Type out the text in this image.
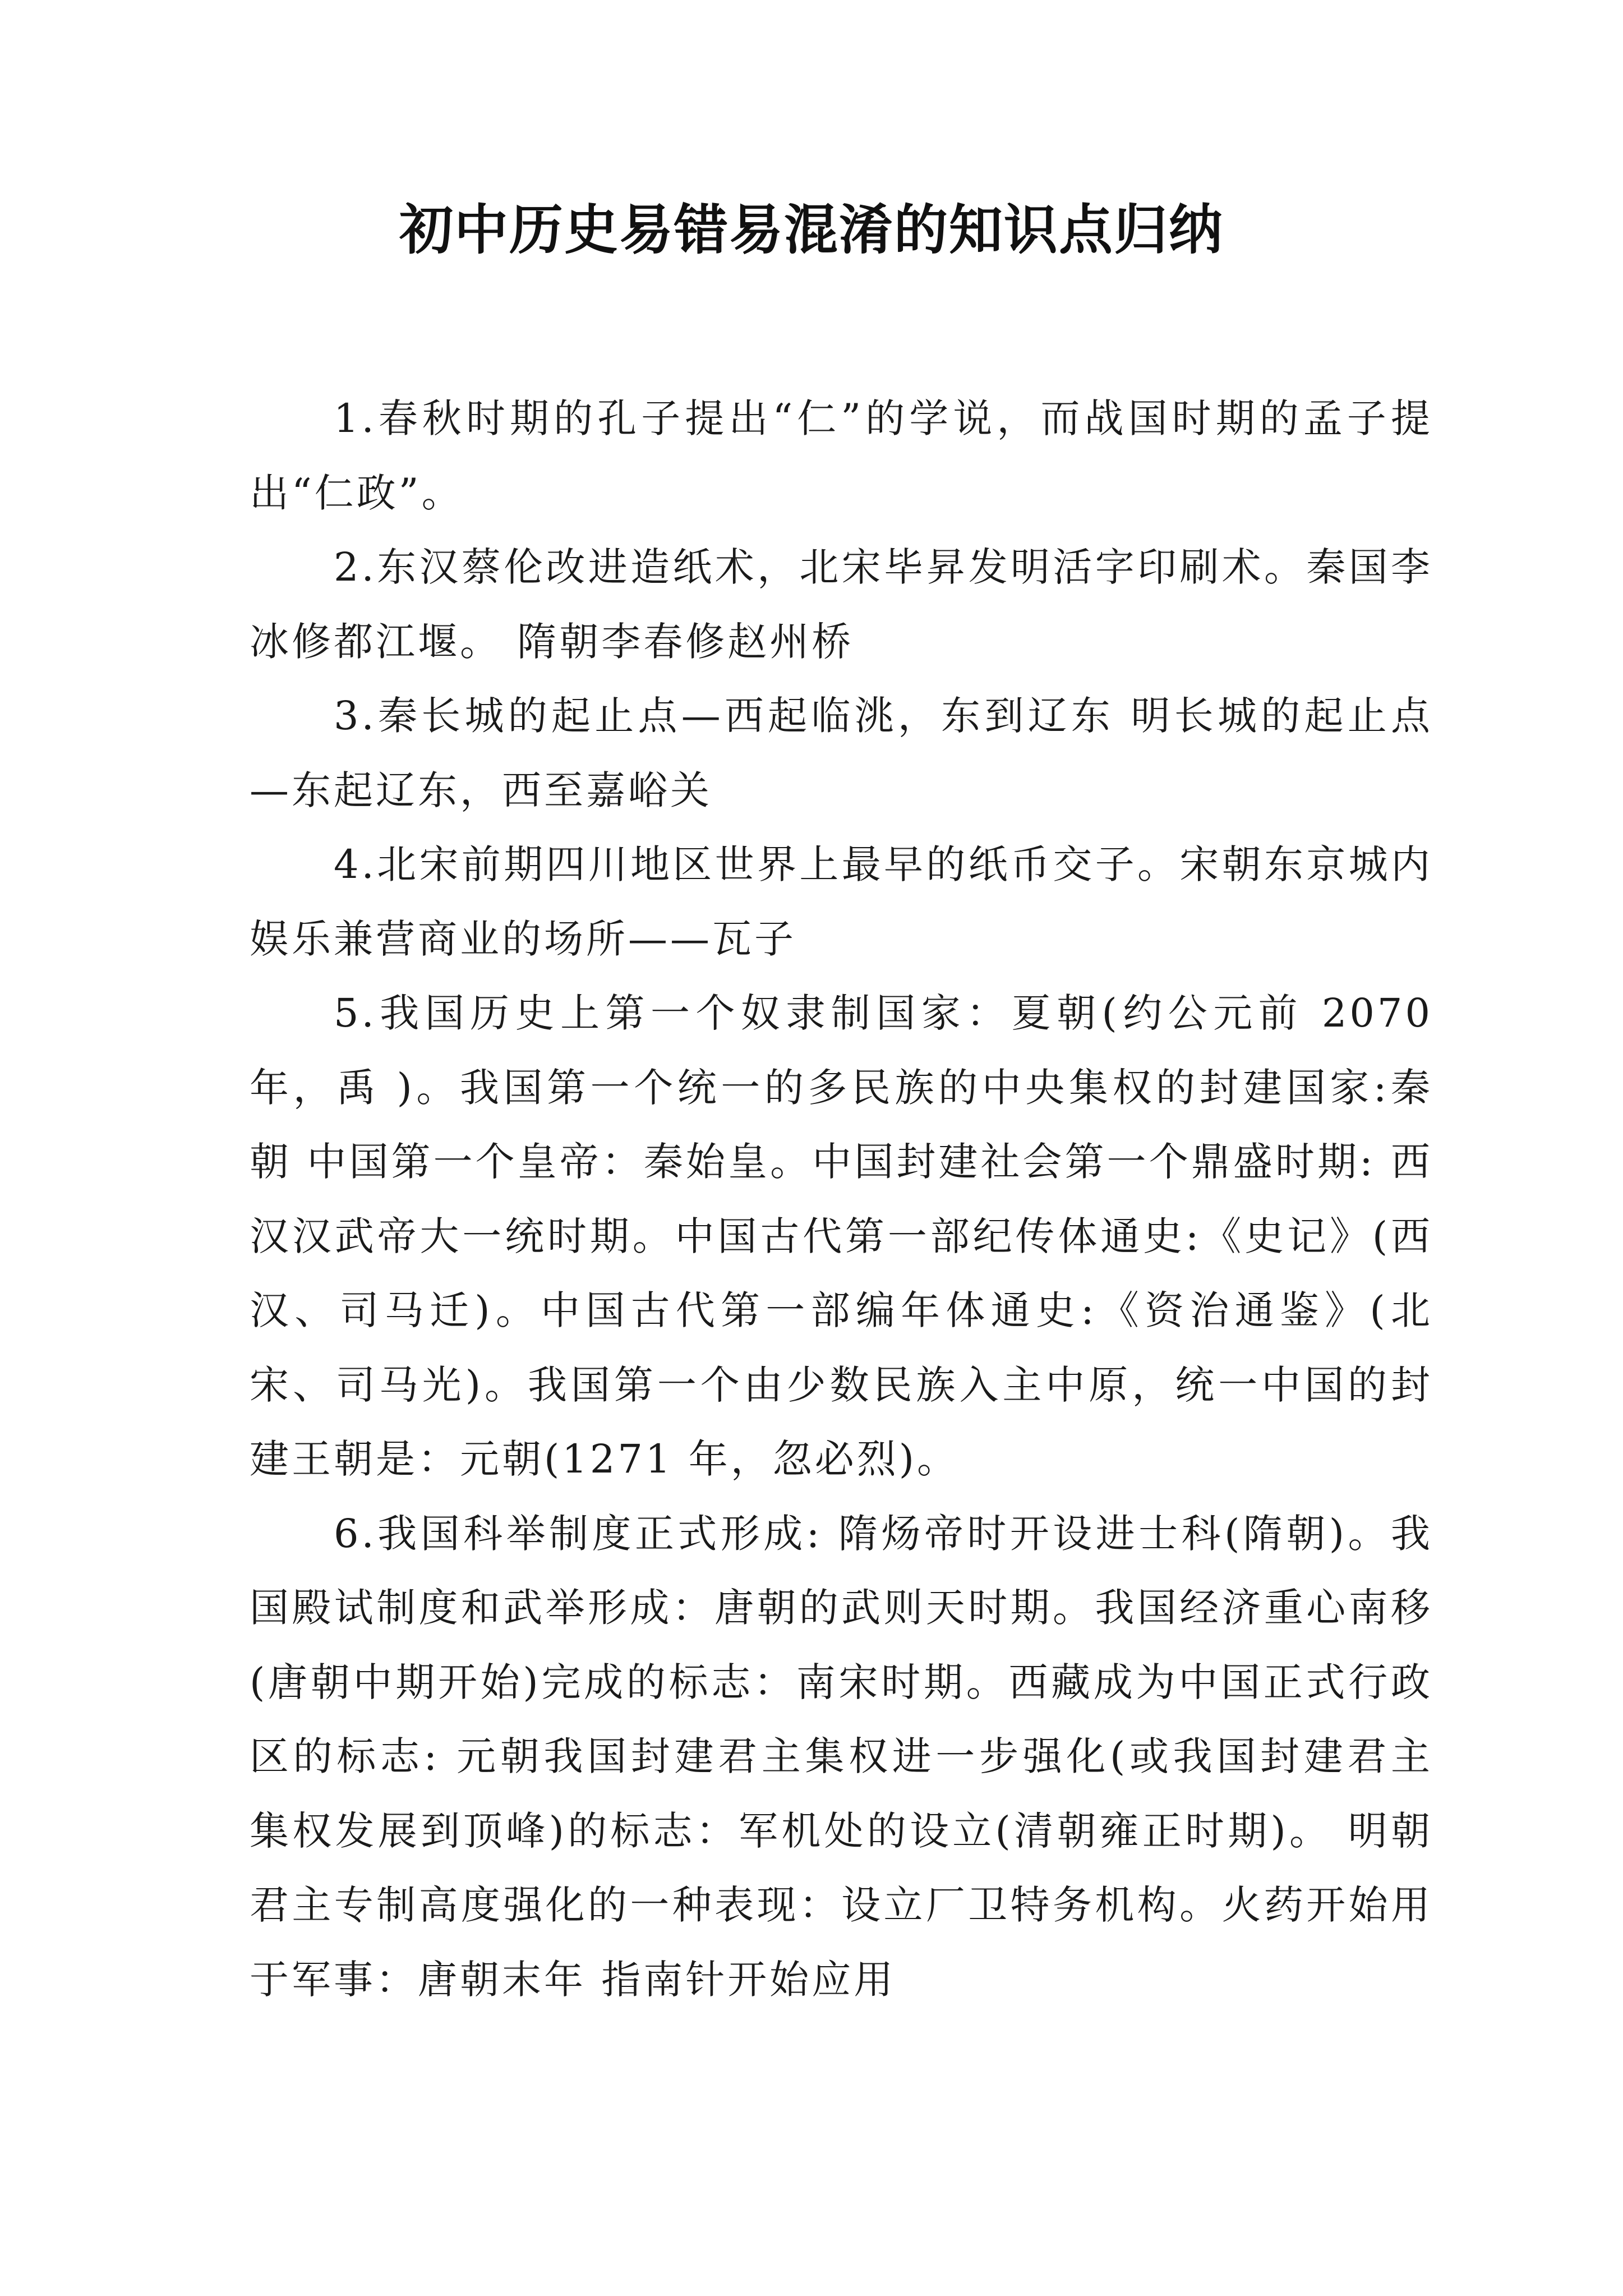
初中历史易错易混淆的知识点归纳

1.春秋时期的孔子提出“仁”的学说，而战国时期的孟子提出“仁政”。

2.东汉蔡伦改进造纸术，北宋毕昇发明活字印刷术。秦国李冰修都江堰。 隋朝李春修赵州桥

3.秦长城的起止点—西起临洮，东到辽东 明长城的起止点—东起辽东，西至嘉峪关

4.北宋前期四川地区世界上最早的纸币交子。宋朝东京城内娱乐兼营商业的场所——瓦子

5.我国历史上第一个奴隶制国家：夏朝(约公元前 2070 年，禹 )。我国第一个统一的多民族的中央集权的封建国家:秦朝 中国第一个皇帝：秦始皇。中国封建社会第一个鼎盛时期: 西汉汉武帝大一统时期。中国古代第一部纪传体通史:《史记》(西汉、司马迁)。中国古代第一部编年体通史:《资治通鉴》(北宋、司马光)。我国第一个由少数民族入主中原，统一中国的封建王朝是：元朝(1271 年，忽必烈)。

6.我国科举制度正式形成: 隋炀帝时开设进士科(隋朝)。我国殿试制度和武举形成：唐朝的武则天时期。我国经济重心南移(唐朝中期开始)完成的标志：南宋时期。西藏成为中国正式行政区的标志: 元朝我国封建君主集权进一步强化(或我国封建君主集权发展到顶峰)的标志：军机处的设立(清朝雍正时期)。 明朝君主专制高度强化的一种表现：设立厂卫特务机构。火药开始用于军事：唐朝末年 指南针开始应用
